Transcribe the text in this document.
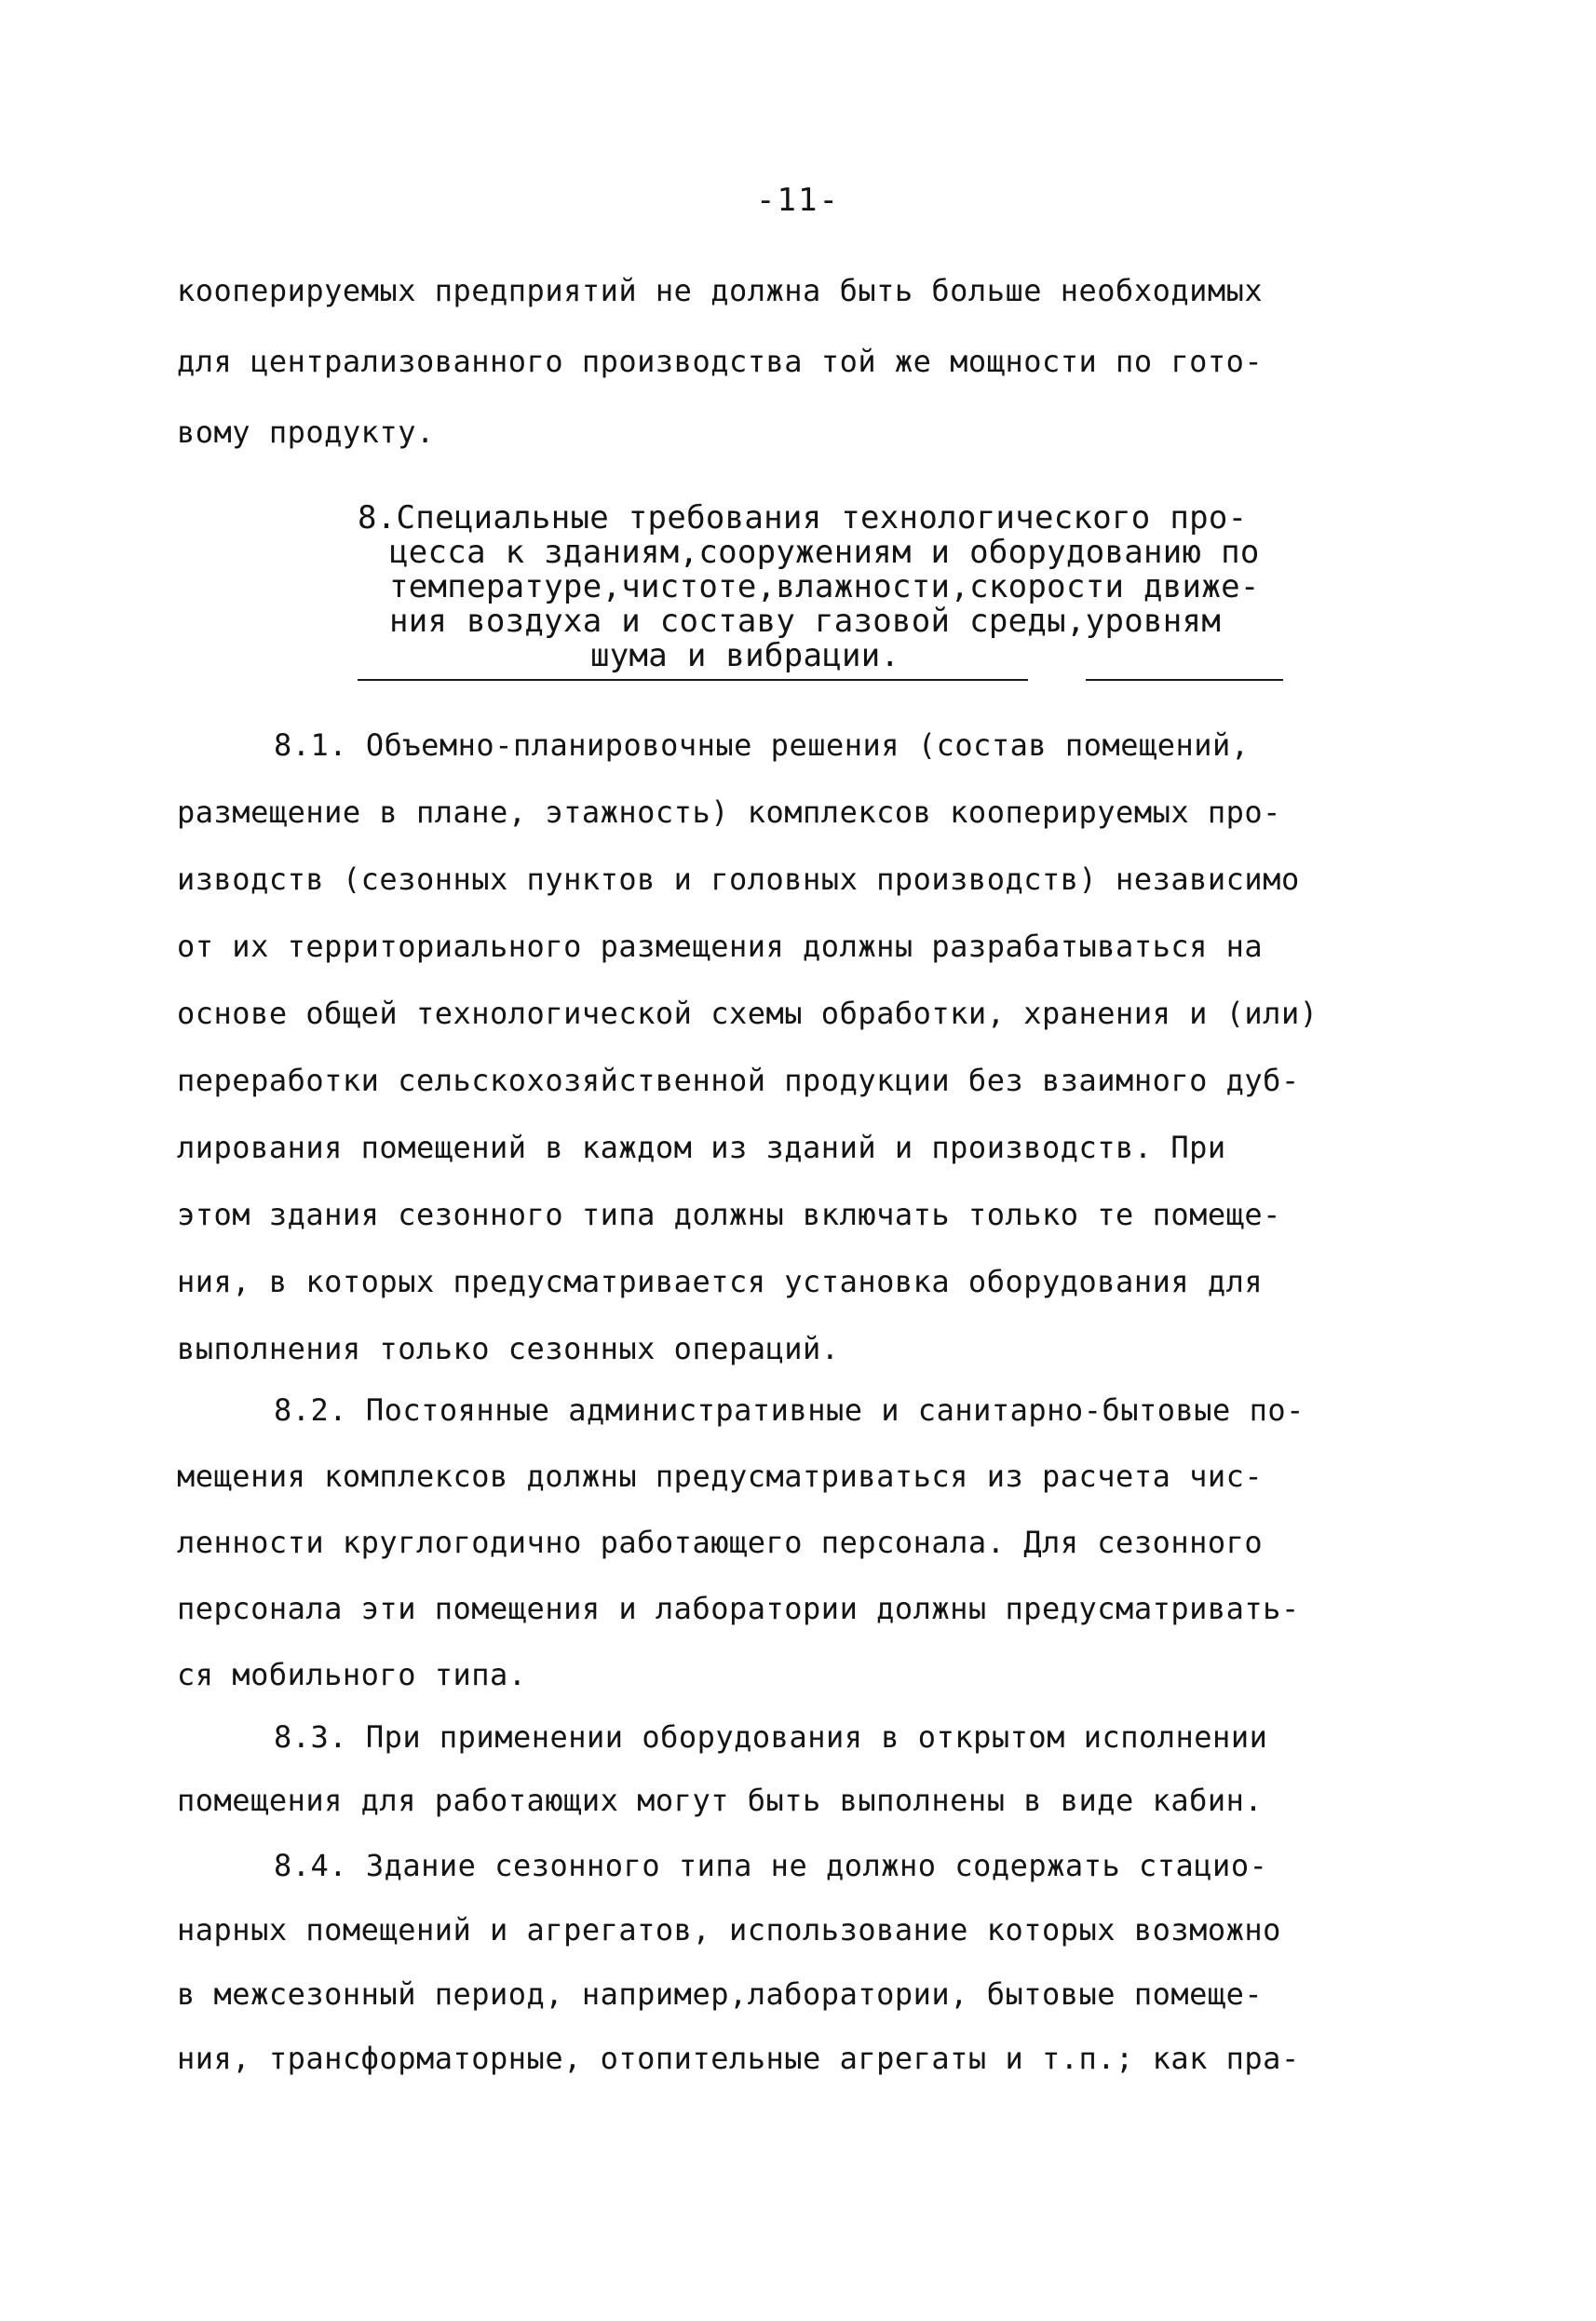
-11-
кооперируемых предприятий не должна быть больше необходимых
для централизованного производства той же мощности по гото-
вому продукту.
8.Специальные требования технологического про-
цесса к зданиям,сооружениям и оборудованию по
температуре,чистоте,влажности,скорости движе-
ния воздуха и составу газовой среды,уровням
шума и вибрации.
8.1. Объемно-планировочные решения (состав помещений,
размещение в плане, этажность) комплексов кооперируемых про-
изводств (сезонных пунктов и головных производств) независимо
от их территориального размещения должны разрабатываться на
основе общей технологической схемы обработки, хранения и (или)
переработки сельскохозяйственной продукции без взаимного дуб-
лирования помещений в каждом из зданий и производств. При
этом здания сезонного типа должны включать только те помеще-
ния, в которых предусматривается установка оборудования для
выполнения только сезонных операций.
8.2. Постоянные административные и санитарно-бытовые по-
мещения комплексов должны предусматриваться из расчета чис-
ленности круглогодично работающего персонала. Для сезонного
персонала эти помещения и лаборатории должны предусматривать-
ся мобильного типа.
8.3. При применении оборудования в открытом исполнении
помещения для работающих могут быть выполнены в виде кабин.
8.4. Здание сезонного типа не должно содержать стацио-
нарных помещений и агрегатов, использование которых возможно
в межсезонный период, например,лаборатории, бытовые помеще-
ния, трансформаторные, отопительные агрегаты и т.п.; как пра-
